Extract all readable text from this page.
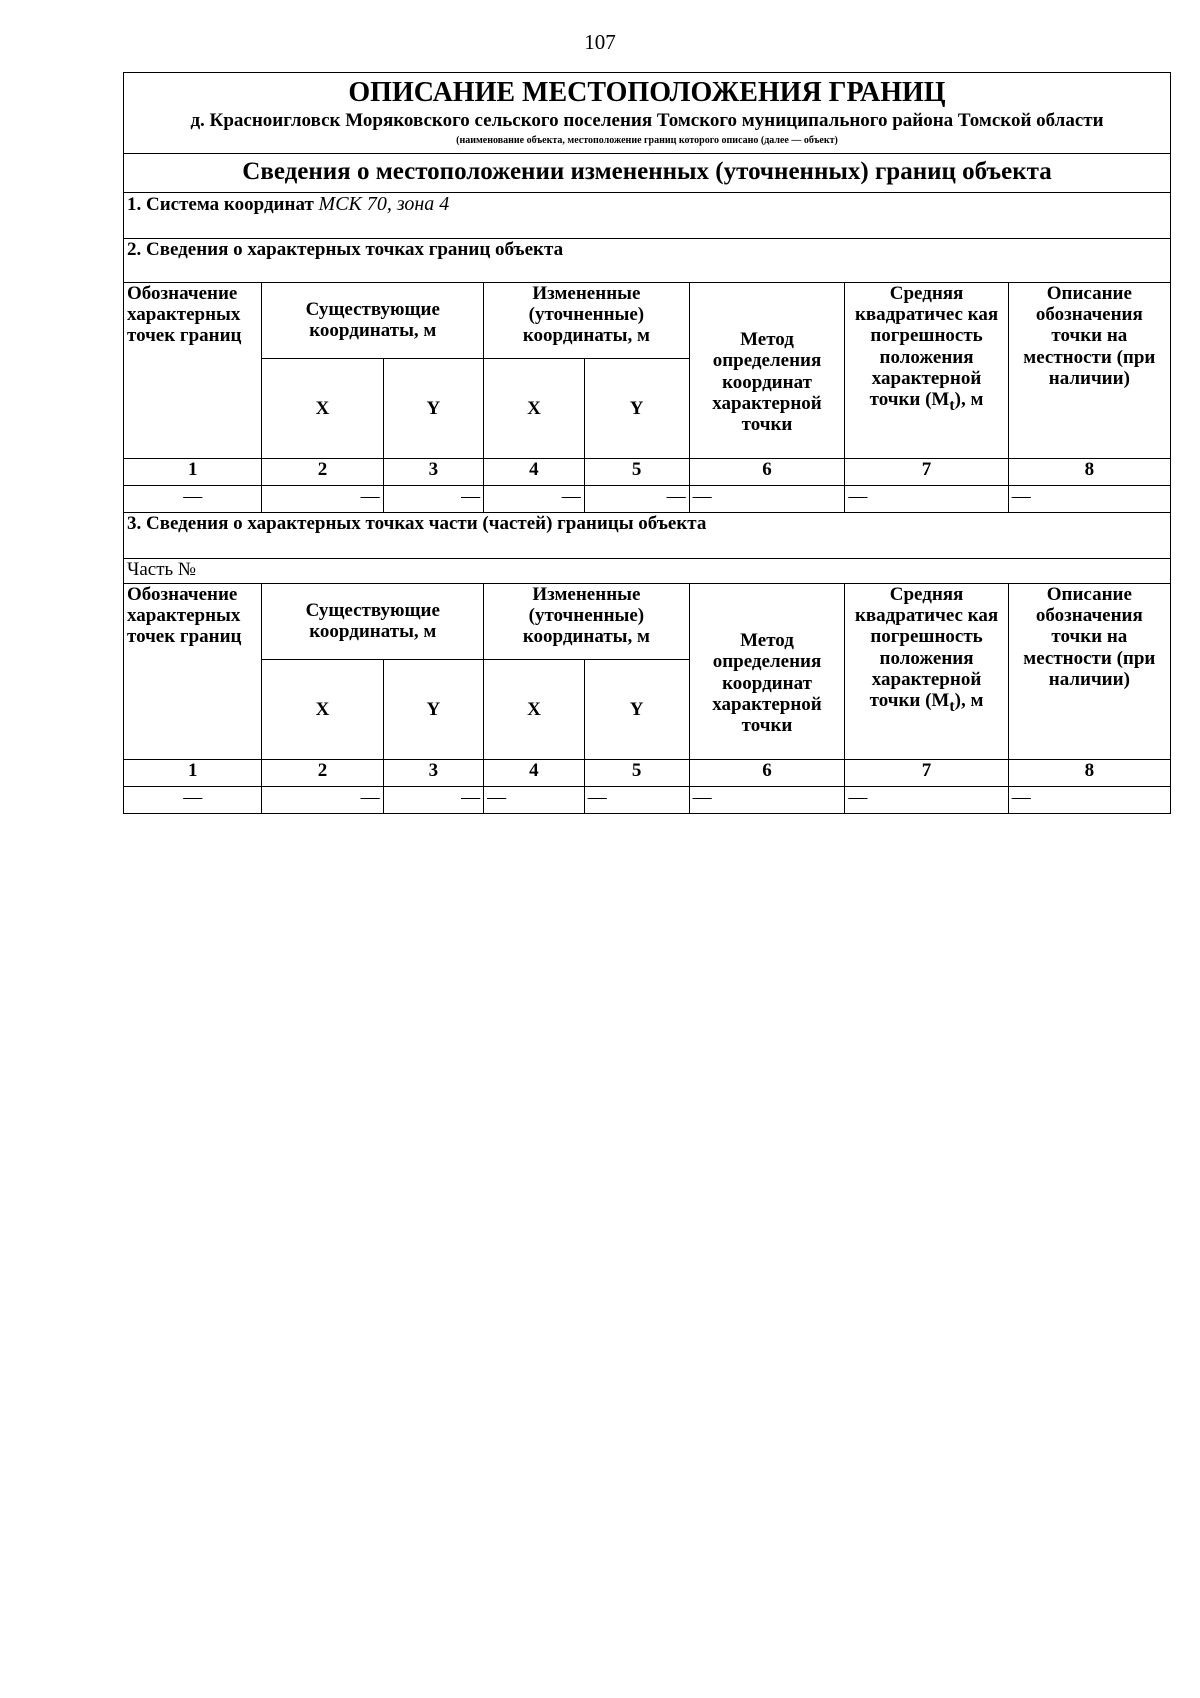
107
ОПИСАНИЕ МЕСТОПОЛОЖЕНИЯ ГРАНИЦ
д. Красноигловск Моряковского сельского поселения Томского муниципального района Томской области
(наименование объекта, местоположение границ которого описано (далее — объект)							

Сведения о местоположении измененных (уточненных) границ объекта							
1. Система координат МСК 70, зона 4							
2. Сведения о характерных точках границ объекта							
Обозначение характерных точек границ	Существующие координаты, м		Измененные (уточненные) координаты, м		Метод определения координат характерной точки	Средняя квадратичес кая погрешность положения характерной точки $(M_t)$, м	Описание обозначения точки на местности (при наличии)
	X	Y	X	Y			
1	2	3	4	5	6	7	8
—	—	—	—	—	—	—	—
3. Сведения о характерных точках части (частей) границы объекта							
Часть №							
Обозначение характерных точек границ	Существующие координаты, м		Измененные (уточненные) координаты, м		Метод определения координат характерной точки	Средняя квадратичес кая погрешность положения характерной точки $(M_t)$, м	Описание обозначения точки на местности (при наличии)
	X	Y	X	Y			
1	2	3	4	5	6	7	8
—	—	—	—	—	—	—	—
